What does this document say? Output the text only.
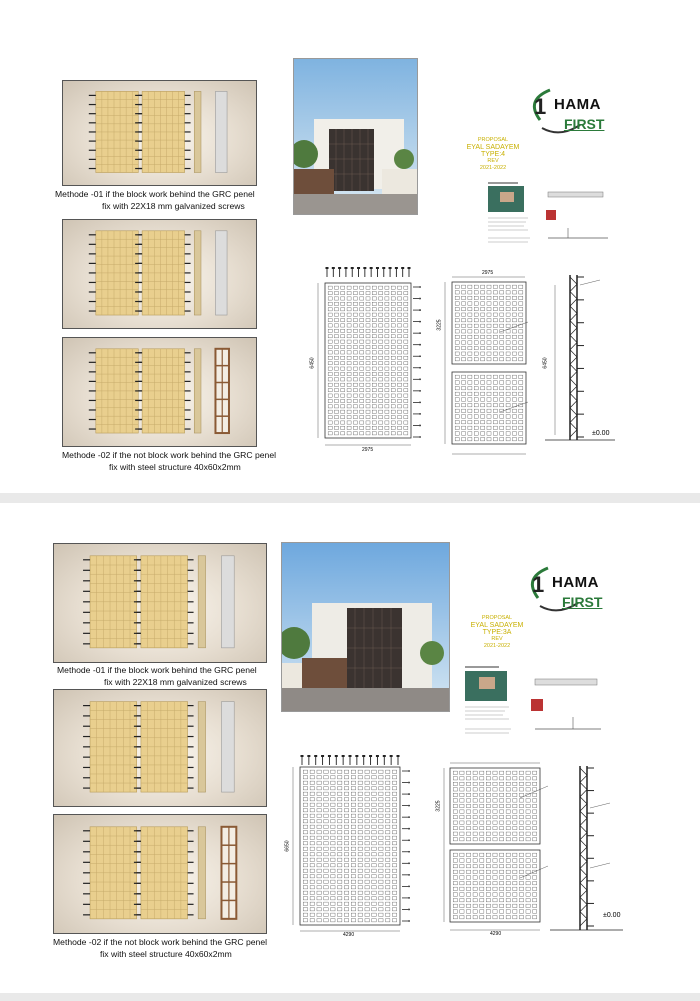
Methode -01 if the block work behind the GRC penel
fix with 22X18 mm galvanized screws
Methode -02 if the not block work behind the GRC penel
fix with steel structure 40x60x2mm
1 HAMA
FIRST
PROPOSAL
EYAL SADAYEM
TYPE:4
REV
2021-2022
6450
2975
2975
3225
6450
±0.00
Methode -01 if the block work behind the GRC penel
fix with 22X18 mm galvanized screws
Methode -02 if the not block work behind the GRC penel
fix with steel structure 40x60x2mm
1 HAMA
FIRST
PROPOSAL
EYAL SADAYEM
TYPE:3A
REV
2021-2022
6650
4290	4290
3225
±0.00
